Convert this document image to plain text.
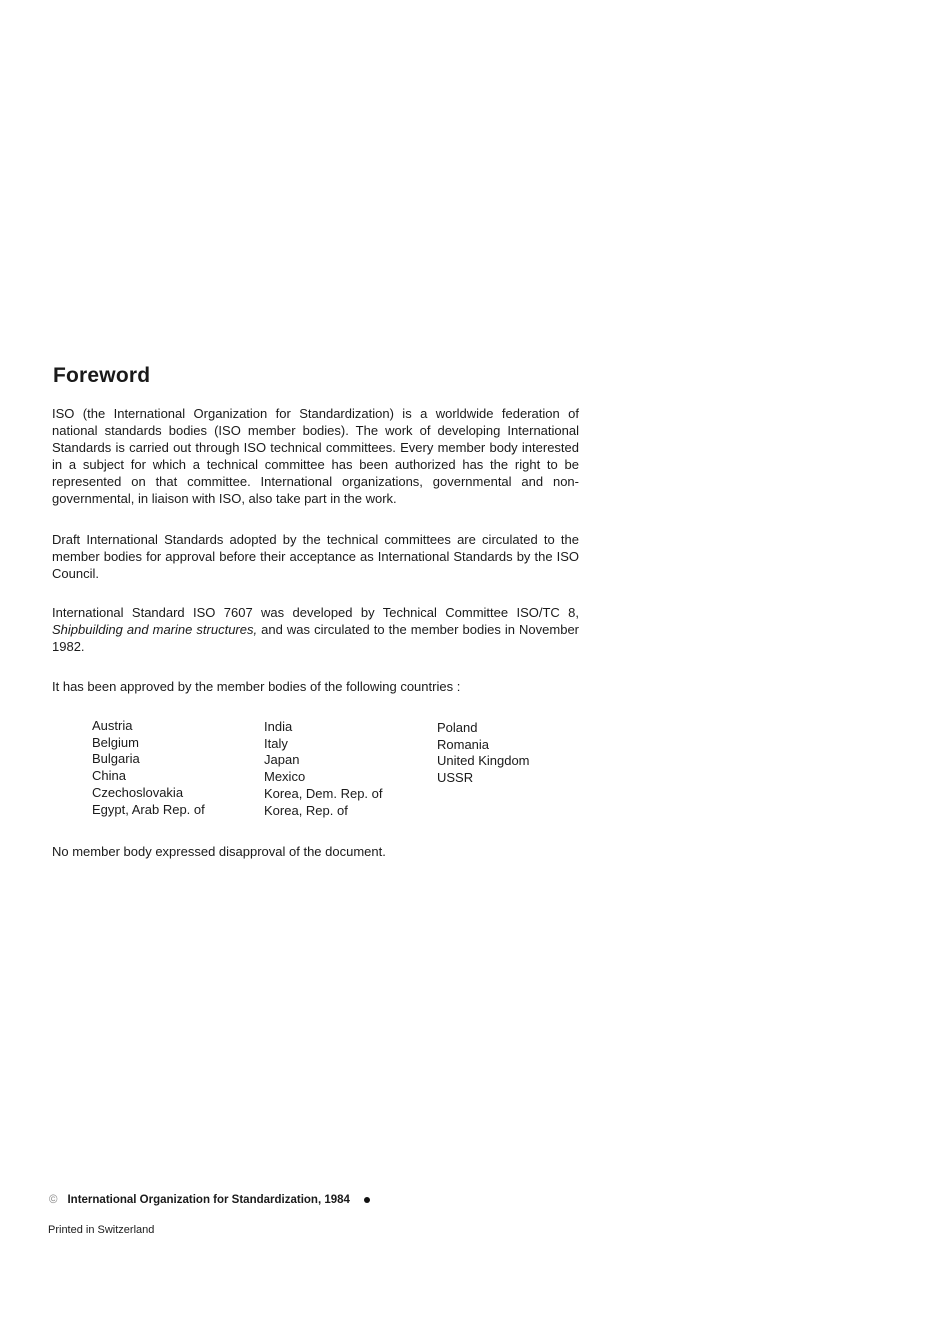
Foreword

ISO (the International Organization for Standardization) is a worldwide federation of national standards bodies (ISO member bodies). The work of developing International Standards is carried out through ISO technical committees. Every member body interested in a subject for which a technical committee has been authorized has the right to be represented on that committee. International organizations, governmental and non-governmental, in liaison with ISO, also take part in the work.

Draft International Standards adopted by the technical committees are circulated to the member bodies for approval before their acceptance as International Standards by the ISO Council.

International Standard ISO 7607 was developed by Technical Committee ISO/TC 8, Shipbuilding and marine structures, and was circulated to the member bodies in November 1982.

It has been approved by the member bodies of the following countries :

Austria
Belgium
Bulgaria
China
Czechoslovakia
Egypt, Arab Rep. of
India
Italy
Japan
Mexico
Korea, Dem. Rep. of
Korea, Rep. of
Poland
Romania
United Kingdom
USSR

No member body expressed disapproval of the document.

© International Organization for Standardization, 1984
Printed in Switzerland
